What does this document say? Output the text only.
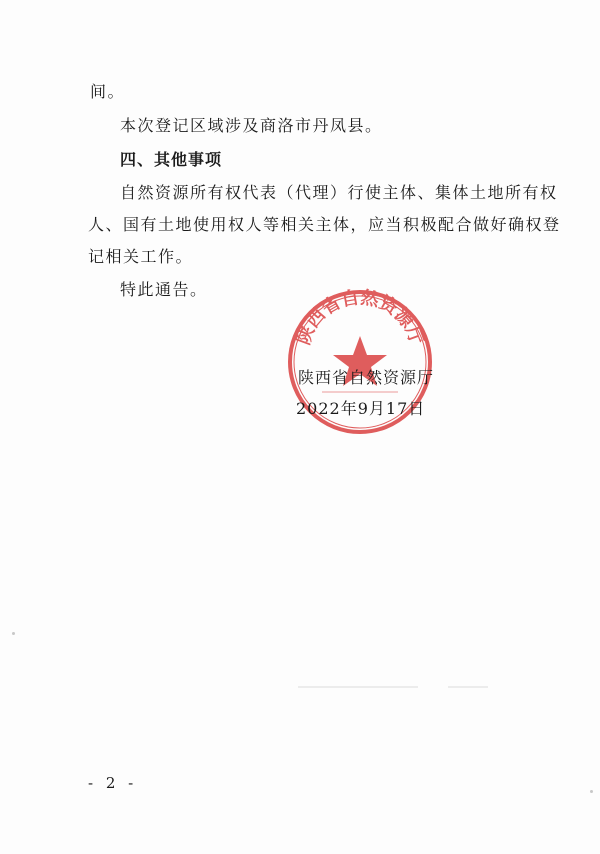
间。
本次登记区域涉及商洛市丹凤县。
四、其他事项
自然资源所有权代表（代理）行使主体、集体土地所有权
人、国有土地使用权人等相关主体，应当积极配合做好确权登
记相关工作。
特此通告。
陕西省自然资源厅
陕西省自然资源厅
2022年9月17日
- 2 -
